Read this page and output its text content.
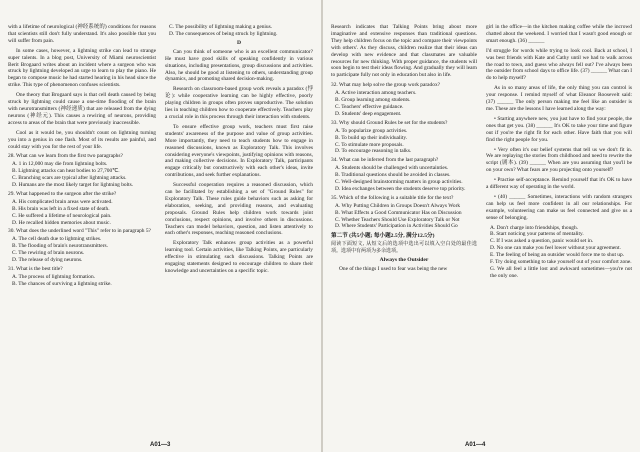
with a lifetime of neurological (神经系统的) conditions for reasons that scientists still don't fully understand. It's also possible that you will suffer from pain.

In some cases, however, a lightning strike can lead to strange super talents. In a blog post, University of Miami neuroscientist Berit Brogaard writes about an incident where a surgeon who was struck by lightning developed an urge to learn to play the piano. He began to compose music he had started hearing in his head since the strike. This type of phenomenon confuses scientists.

One theory that Brogaard says is that cell death caused by being struck by lightning could cause a one-time flooding of the brain with neurotransmitters (神经递质) that are released from the dying neurons (神经元). This causes a rewiring of neurons, providing access to areas of the brain that were previously inaccessible.

Cool as it would be, you shouldn't count on lightning turning you into a genius in one flash. Most of its results are painful, and could stay with you for the rest of your life.

28. What can we learn from the first two paragraphs?

A. 1 in 12,000 may die from lightning bolts.

B. Lightning attacks can heat bodies to 27,700℃.

C. Branching scars are typical after lightning attacks.

D. Humans are the most likely target for lightning bolts.

29. What happened to the surgeon after the strike?

A. His complicated brain areas were activated.

B. His brain was left in a fixed state of death.

C. He suffered a lifetime of neurological pain.

D. He recalled hidden memories about music.

30. What does the underlined word "This" refer to in paragraph 5?

A. The cell death due to lightning strikes.

B. The flooding of brain's neurotransmitters.

C. The rewiring of brain neurons.

D. The release of dying neurons.

31. What is the best title?

A. The process of lightning formation.

B. The chances of surviving a lightning strike.

C. The possibility of lightning making a genius.

D. The consequences of being struck by lightning.

D

Can you think of someone who is an excellent communicator? He must have good skills of speaking confidently in various situations, including presentations, group discussions and activities. Also, he should be good at listening to others, understanding group dynamics, and promoting shared decision-making.

Research on classroom-based group work reveals a paradox (悖论): while cooperative learning can be highly effective, poorly playing children in groups often proves unproductive. The solution lies in teaching children how to cooperate effectively. Teachers play a crucial role in this process through their interaction with students.

To ensure effective group work, teachers must first raise students' awareness of the purpose and value of group activities. More importantly, they need to teach students how to engage in reasoned discussions, known as Exploratory Talk. This involves considering everyone's viewpoints, justifying opinions with reasons, and making collective decisions. In Exploratory Talk, participants engage critically but constructively with each other's ideas, invite contributions, and seek further explanations.

Successful cooperation requires a reasoned discussion, which can be facilitated by establishing a set of "Ground Rules" for Exploratory Talk. These rules guide behaviors such as asking for elaboration, seeking, and providing reasons, and evaluating proposals. Ground Rules help children work towards joint conclusions, respect opinions, and involve others in discussions. Teachers can model behaviors, question, and listen attentively to each other's responses, reaching reasoned conclusions.

Exploratory Talk enhances group activities as a powerful learning tool. Certain activities, like Talking Points, are particularly effective in stimulating such discussions. Talking Points are engaging statements designed to encourage children to share their knowledge and uncertainties on a specific topic.

A01—3

Research indicates that Talking Points bring about more imaginative and extensive responses than traditional questions. They help children focus on the topic and compare their viewpoints with others'. As they discuss, children realize that their ideas can develop with new evidence and that classmates are valuable resources for new thinking. With proper guidance, the students will soon begin to test their ideas flowing. And gradually they will learn to participate fully not only in education but also in life.

32. What may help solve the group work paradox?

A. Active interaction among teachers.

B. Group learning among students.

C. Teachers' effective guidance.

D. Students' deep engagement.

33. Why should Ground Rules be set for the students?

A. To popularize group activities.

B. To build up their individuality.

C. To stimulate more proposals.

D. To encourage reasoning in talks.

34. What can be inferred from the last paragraph?

A. Students should be challenged with uncertainties.

B. Traditional questions should be avoided in classes.

C. Well-designed brainstorming matters in group activities.

D. Idea exchanges between the students deserve top priority.

35. Which of the following is a suitable title for the text?

A. Why Putting Children in Groups Doesn't Always Work

B. What Effects a Good Communicator Has on Discussion

C. Whether Teachers Should Use Exploratory Talk or Not

D. Where Students' Participation in Activities Should Go

第二节 (共5小题; 每小题2.5分, 满分12.5分)

阅读下面短文, 从短文后的选项中选出可以填入空白处的最佳选项。选项中有两项为多余选项。

Always the Outsider

One of the things I used to fear was being the new

girl in the office—in the kitchen making coffee while the incrowd chatted about the weekend. I worried that I wasn't good enough or smart enough. (36) ______

I'd struggle for words while trying to look cool. Back at school, I was best friends with Kate and Cathy until we had to walk across the road to town, and guess who always fell out? I've always been the outsider from school days to office life. (37) ______ What can I do to help myself?

As in so many areas of life, the only thing you can control is your response. I remind myself of what Eleanor Roosevelt said: (37) ______ The only person making me feel like an outsider is me. These are the lessons I have learned along the way:

• Starting anywhere new, you just have to find your people, the ones that get you. (38) ______ It's OK to take your time and figure out if you're the right fit for each other. Have faith that you will find the right people for you.

• Very often it's our belief systems that tell us we don't fit in. We are replaying the stories from childhood and need to rewrite the script (剧本). (39) ______ When are you assuming that you'll be on your own? What fears are you projecting onto yourself?

• Practise self-acceptance. Remind yourself that it's OK to have a different way of operating in the world.

• (40) ______ Sometimes, interactions with random strangers can help us feel more confident in all our relationships. For example, volunteering can make us feel connected and give us a sense of belonging.

A. Don't charge into friendships, though.

B. Start noticing your patterns of mentality.

C. If I was asked a question, panic would set in.

D. No one can make you feel lower without your agreement.

E. The feeling of being an outsider would force me to shut up.

F. Try doing something to take yourself out of your comfort zone.

G. We all feel a little lost and awkward sometimes—you're not the only one.

A01—4
